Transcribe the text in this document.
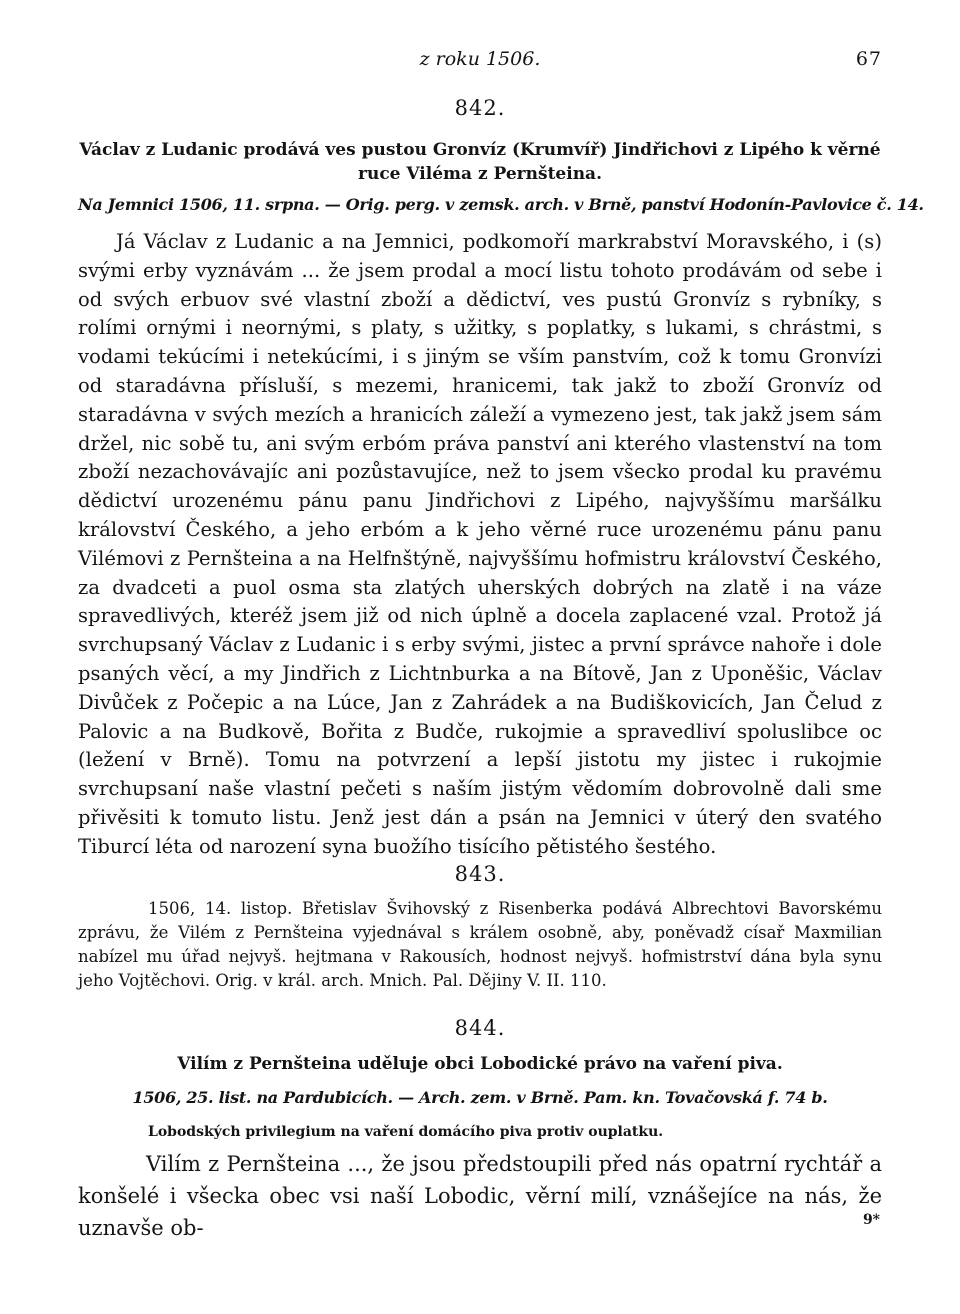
z roku 1506.	67
842.
Václav z Ludanic prodává ves pustou Gronvíz (Krumvíř) Jindřichovi z Lipého k věrné ruce Viléma z Pernšteina.
Na Jemnici 1506, 11. srpna. — Orig. perg. v zemsk. arch. v Brně, panství Hodonín-Pavlovice č. 14.
Já Václav z Ludanic a na Jemnici, podkomoří markrabství Moravského, i (s) svými erby vyznávám ... že jsem prodal a mocí listu tohoto prodávám od sebe i od svých erbuov své vlastní zboží a dědictví, ves pustú Gronvíz s rybníky, s rolími ornými i neornými, s platy, s užitky, s poplatky, s lukami, s chrástmi, s vodami tekúcími i netekúcími, i s jiným se vším panstvím, což k tomu Gronvízi od staradávna přísluší, s mezemi, hranicemi, tak jakž to zboží Gronvíz od staradávna v svých mezích a hranicích záleží a vymezeno jest, tak jakž jsem sám držel, nic sobě tu, ani svým erbóm práva panství ani kterého vlastenství na tom zboží nezachovávajíc ani pozůstavujíce, než to jsem všecko prodal ku pravému dědictví urozenému pánu panu Jindřichovi z Lipého, najvyššímu maršálku království Českého, a jeho erbóm a k jeho věrné ruce urozenému pánu panu Vilémovi z Pernšteina a na Helfnštýně, najvyššímu hofmistru království Českého, za dvadceti a puol osma sta zlatých uherských dobrých na zlatě i na váze spravedlivých, kteréž jsem již od nich úplně a docela zaplacené vzal. Protož já svrchupsaný Václav z Ludanic i s erby svými, jistec a první správce nahoře i dole psaných věcí, a my Jindřich z Lichtnburka a na Bítově, Jan z Uponěšic, Václav Divůček z Počepic a na Lúce, Jan z Zahrádek a na Budiškovicích, Jan Čelud z Palovic a na Budkově, Bořita z Budče, rukojmie a spravedliví spoluslibce oc (ležení v Brně). Tomu na potvrzení a lepší jistotu my jistec i rukojmie svrchupsaní naše vlastní pečeti s naším jistým vědomím dobrovolně dali sme přivěsiti k tomuto listu. Jenž jest dán a psán na Jemnici v úterý den svatého Tiburcí léta od narození syna buožího tisícího pětistého šestého.
843.
1506, 14. listop. Břetislav Švihovský z Risenberka podává Albrechtovi Bavorskému zprávu, že Vilém z Pernšteina vyjednával s králem osobně, aby, poněvadž císař Maxmilian nabízel mu úřad nejvyš. hejtmana v Rakousích, hodnost nejvyš. hofmistrství dána byla synu jeho Vojtěchovi. Orig. v král. arch. Mnich. Pal. Dějiny V. II. 110.
844.
Vilím z Pernšteina uděluje obci Lobodické právo na vaření piva.
1506, 25. list. na Pardubicích. — Arch. zem. v Brně. Pam. kn. Tovačovská f. 74 b.
Lobodských privilegium na vaření domácího piva protiv ouplatku.
Vilím z Pernšteina ..., že jsou předstoupili před nás opatrní rychtář a konšelé i všecka obec vsi naší Lobodic, věrní milí, vznášejíce na nás, že uznavše ob-	9*
